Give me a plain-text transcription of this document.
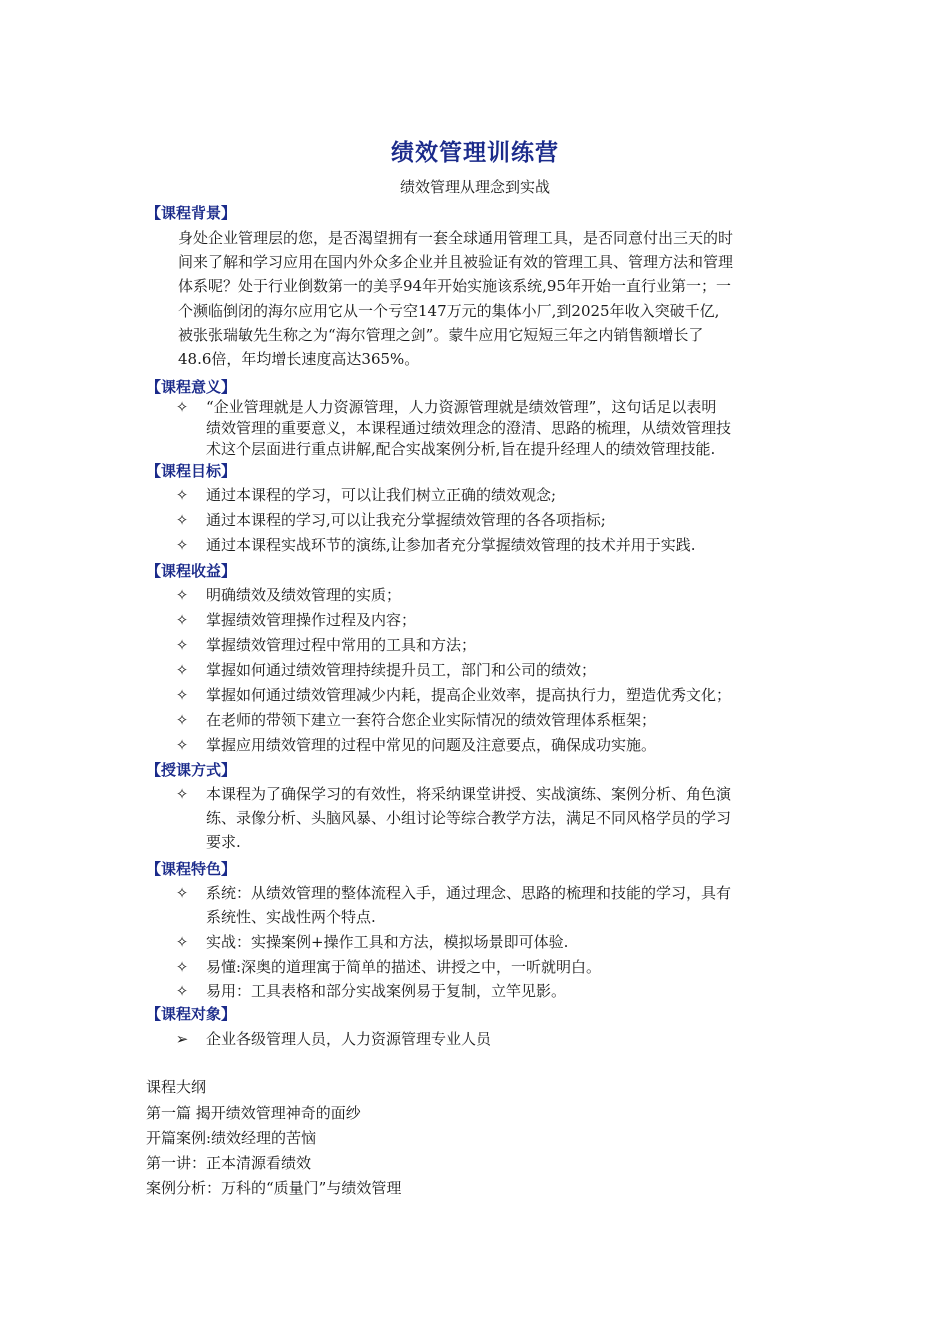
绩效管理训练营
绩效管理从理念到实战
【课程背景】
身处企业管理层的您，是否渴望拥有一套全球通用管理工具，是否同意付出三天的时
间来了解和学习应用在国内外众多企业并且被验证有效的管理工具、管理方法和管理
体系呢？处于行业倒数第一的美孚94年开始实施该系统,95年开始一直行业第一；一
个濒临倒闭的海尔应用它从一个亏空147万元的集体小厂,到2025年收入突破千亿,
被张张瑞敏先生称之为“海尔管理之剑”。蒙牛应用它短短三年之内销售额增长了
48.6倍，年均增长速度高达365%。
【课程意义】
✧ “企业管理就是人力资源管理，人力资源管理就是绩效管理”，这句话足以表明
绩效管理的重要意义，本课程通过绩效理念的澄清、思路的梳理，从绩效管理技
术这个层面进行重点讲解,配合实战案例分析,旨在提升经理人的绩效管理技能.
【课程目标】
✧ 通过本课程的学习，可以让我们树立正确的绩效观念;
✧ 通过本课程的学习,可以让我充分掌握绩效管理的各各项指标;
✧ 通过本课程实战环节的演练,让参加者充分掌握绩效管理的技术并用于实践.
【课程收益】
✧ 明确绩效及绩效管理的实质；
✧ 掌握绩效管理操作过程及内容；
✧ 掌握绩效管理过程中常用的工具和方法；
✧ 掌握如何通过绩效管理持续提升员工，部门和公司的绩效；
✧ 掌握如何通过绩效管理减少内耗，提高企业效率，提高执行力，塑造优秀文化；
✧ 在老师的带领下建立一套符合您企业实际情况的绩效管理体系框架；
✧ 掌握应用绩效管理的过程中常见的问题及注意要点，确保成功实施。
【授课方式】
✧ 本课程为了确保学习的有效性，将采纳课堂讲授、实战演练、案例分析、角色演
练、录像分析、头脑风暴、小组讨论等综合教学方法，满足不同风格学员的学习
要求.
【课程特色】
✧ 系统：从绩效管理的整体流程入手，通过理念、思路的梳理和技能的学习，具有
系统性、实战性两个特点.
✧ 实战：实操案例+操作工具和方法，模拟场景即可体验.
✧ 易懂:深奥的道理寓于简单的描述、讲授之中，一听就明白。
✧ 易用：工具表格和部分实战案例易于复制，立竿见影。
【课程对象】
➢ 企业各级管理人员，人力资源管理专业人员
课程大纲
第一篇 揭开绩效管理神奇的面纱
开篇案例:绩效经理的苦恼
第一讲：正本清源看绩效
案例分析：万科的“质量门”与绩效管理
